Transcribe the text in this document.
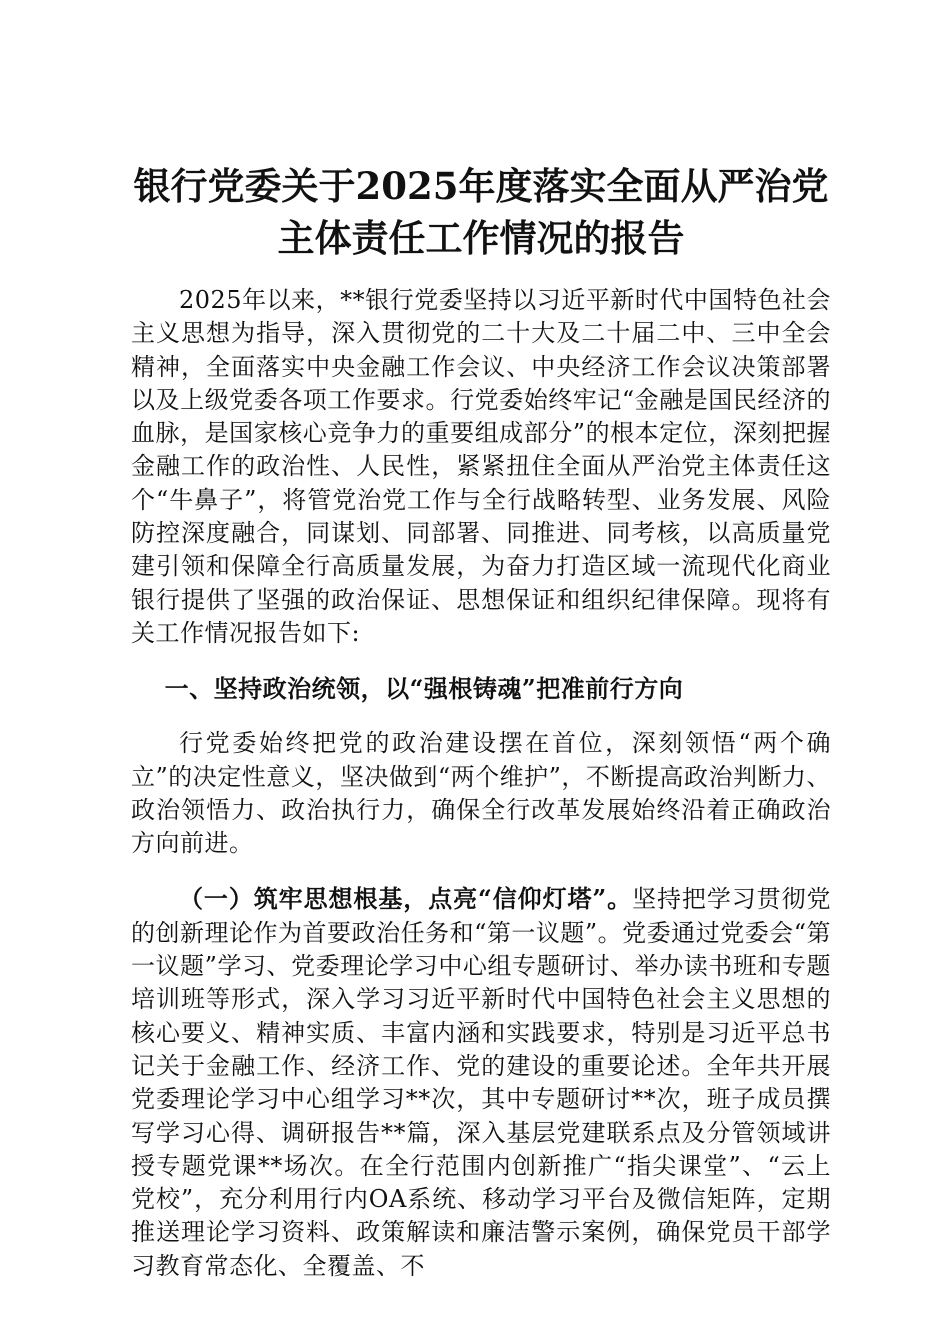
银行党委关于2025年度落实全面从严治党主体责任工作情况的报告

2025年以来，**银行党委坚持以习近平新时代中国特色社会主义思想为指导，深入贯彻党的二十大及二十届二中、三中全会精神，全面落实中央金融工作会议、中央经济工作会议决策部署以及上级党委各项工作要求。行党委始终牢记“金融是国民经济的血脉，是国家核心竞争力的重要组成部分”的根本定位，深刻把握金融工作的政治性、人民性，紧紧扭住全面从严治党主体责任这个“牛鼻子”，将管党治党工作与全行战略转型、业务发展、风险防控深度融合，同谋划、同部署、同推进、同考核，以高质量党建引领和保障全行高质量发展，为奋力打造区域一流现代化商业银行提供了坚强的政治保证、思想保证和组织纪律保障。现将有关工作情况报告如下:

一、坚持政治统领，以“强根铸魂”把准前行方向

行党委始终把党的政治建设摆在首位，深刻领悟“两个确立”的决定性意义，坚决做到“两个维护”，不断提高政治判断力、政治领悟力、政治执行力，确保全行改革发展始终沿着正确政治方向前进。

（一）筑牢思想根基，点亮“信仰灯塔”。坚持把学习贯彻党的创新理论作为首要政治任务和“第一议题”。党委通过党委会“第一议题”学习、党委理论学习中心组专题研讨、举办读书班和专题培训班等形式，深入学习习近平新时代中国特色社会主义思想的核心要义、精神实质、丰富内涵和实践要求，特别是习近平总书记关于金融工作、经济工作、党的建设的重要论述。全年共开展党委理论学习中心组学习**次，其中专题研讨**次，班子成员撰写学习心得、调研报告**篇，深入基层党建联系点及分管领域讲授专题党课**场次。在全行范围内创新推广“指尖课堂”、“云上党校”，充分利用行内OA系统、移动学习平台及微信矩阵，定期推送理论学习资料、政策解读和廉洁警示案例，确保党员干部学习教育常态化、全覆盖、不
